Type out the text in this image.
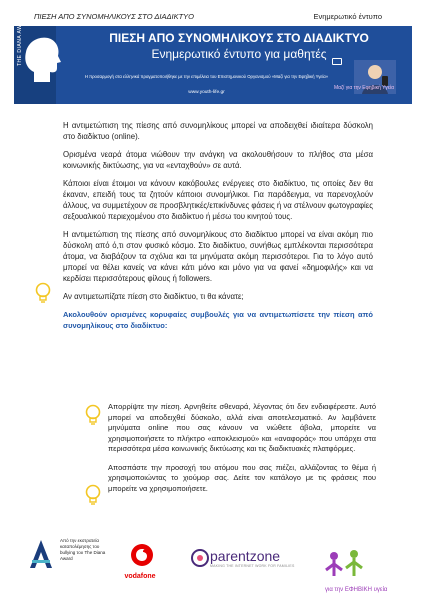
ΠΙΕΣΗ ΑΠΟ ΣΥΝΟΜΗΛΙΚΟΥΣ ΣΤΟ ΔΙΑΔΙΚΤΥΟ	Ενημερωτικό έντυπο
THE DIANA AWARD	ΠΙΕΣΗ ΑΠΟ ΣΥΝΟΜΗΛΙΚΟΥΣ ΣΤΟ ΔΙΑΔΙΚΤΥΟ
Ενημερωτικό έντυπο για μαθητές
Η προσαρμογή στα ελληνικά πραγματοποιήθηκε με την επιμέλεια του Επιστημονικού Οργανισμού «Μαζί για την Εφηβική Υγεία»
www.youth-life.gr
Μαζί για την Εφηβική Υγεία

Η αντιμετώπιση της πίεσης από συνομηλίκους μπορεί να αποδειχθεί ιδιαίτερα δύσκολη στο διαδίκτυο (online).

Ορισμένα νεαρά άτομα νιώθουν την ανάγκη να ακολουθήσουν το πλήθος στα μέσα κοινωνικής δικτύωσης, για να «ενταχθούν» σε αυτά.

Κάποιοι είναι έτοιμοι να κάνουν κακόβουλες ενέργειες στο διαδίκτυο, τις οποίες δεν θα έκαναν, επειδή τους τα ζητούν κάποιοι συνομήλικοι. Για παράδειγμα, να παρενοχλούν άλλους, να συμμετέχουν σε προσβλητικές/επικίνδυνες φάσεις ή να στέλνουν φωτογραφίες σεξουαλικού περιεχομένου στο διαδίκτυο ή μέσω του κινητού τους.

Η αντιμετώπιση της πίεσης από συνομηλίκους στο διαδίκτυο μπορεί να είναι ακόμη πιο δύσκολη από ό,τι στον φυσικό κόσμο. Στο διαδίκτυο, συνήθως εμπλέκονται περισσότερα άτομα, να διαβάζουν τα σχόλια και τα μηνύματα ακόμη περισσότεροι. Για το λόγο αυτό μπορεί να θέλει κανείς να κάνει κάτι μόνο και μόνο για να φανεί «δημοφιλής» και να κερδίσει περισσότερους φίλους ή followers.

Αν αντιμετωπίζατε πίεση στο διαδίκτυο, τι θα κάνατε;

Ακολουθούν ορισμένες κορυφαίες συμβουλές για να αντιμετωπίσετε την πίεση από συνομηλίκους στο διαδίκτυο:

Απορρίψτε την πίεση. Αρνηθείτε σθεναρά, λέγοντας ότι δεν ενδιαφέρεστε. Αυτό μπορεί να αποδειχθεί δύσκολο, αλλά είναι αποτελεσματικό. Αν λαμβάνετε μηνύματα online που σας κάνουν να νιώθετε άβολα, μπορείτε να χρησιμοποιήσετε το πλήκτρο «αποκλεισμού» και «αναφοράς» που υπάρχει στα περισσότερα μέσα κοινωνικής δικτύωσης και τις διαδικτυακές πλατφόρμες.

Αποσπάστε την προσοχή του ατόμου που σας πιέζει, αλλάζοντας το θέμα ή χρησιμοποιώντας το χιούμορ σας. Δείτε τον κατάλογο με τις φράσεις που μπορείτε να χρησιμοποιήσετε.

Από την εκστρατεία καταπολέμησης του bullying του The Diana Award
vodafone
parentzone
MAKING THE INTERNET WORK FOR FAMILIES
για την ΕΦΗΒΙΚΗ υγεία
